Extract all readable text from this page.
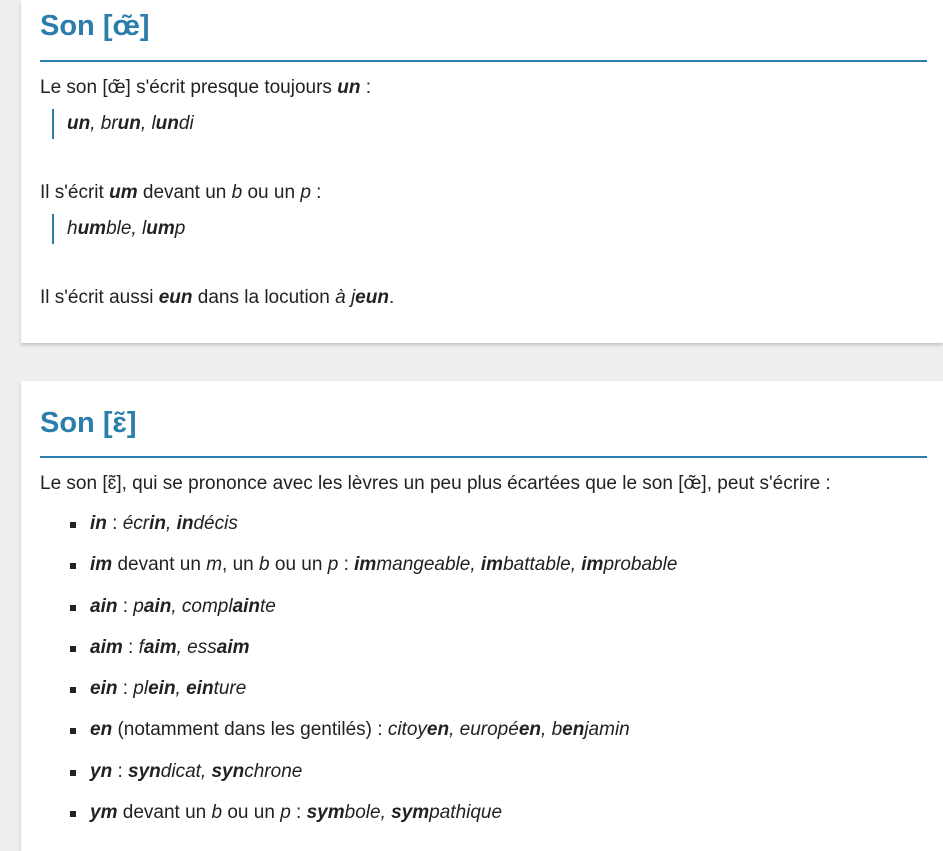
Son [œ̃]

Le son [œ̃] s'écrit presque toujours un :

un, brun, lundi

Il s'écrit um devant un b ou un p :

humble, lump

Il s'écrit aussi eun dans la locution à jeun.

Son [ɛ̃]

Le son [ɛ̃], qui se prononce avec les lèvres un peu plus écartées que le son [œ̃], peut s'écrire :

in : écrin, indécis
im devant un m, un b ou un p : immangeable, imbattable, improbable
ain : pain, complainte
aim : faim, essaim
ein : plein, einture
en (notamment dans les gentilés) : citoyen, européen, benjamin
yn : syndicat, synchrone
ym devant un b ou un p : symbole, sympathique
